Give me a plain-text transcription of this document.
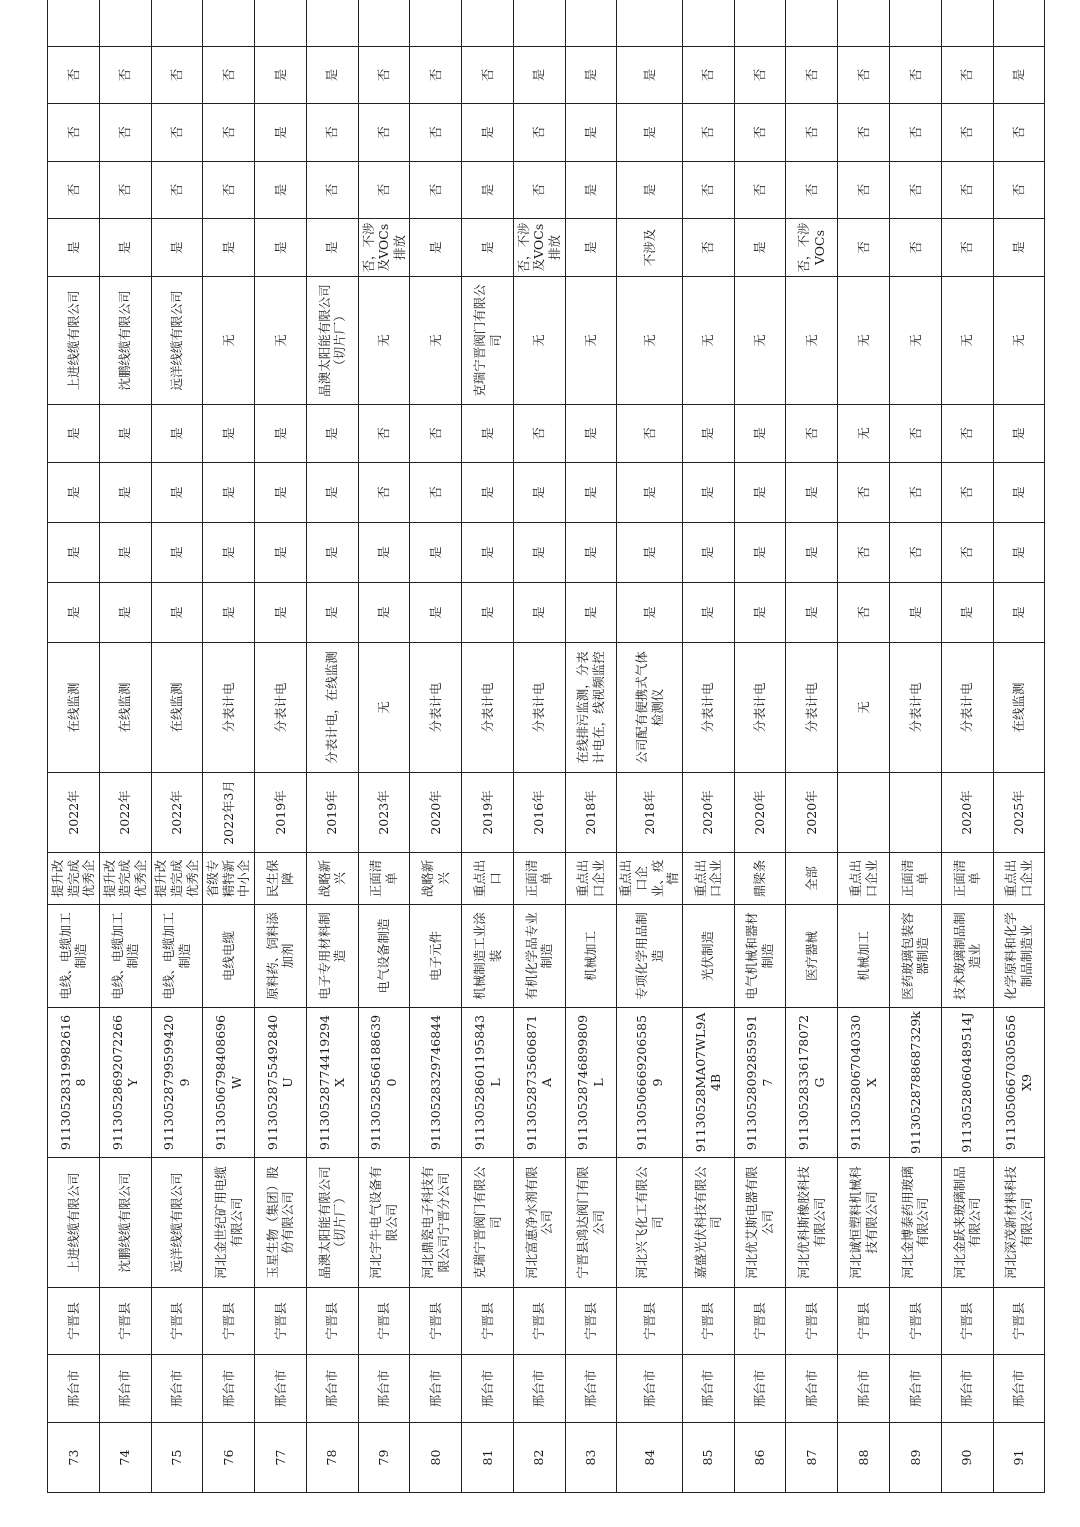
73	邢台市	宁晋县	上进线缆有限公司	911305283199826168	电线、电缆加工制造	提升改造完成优秀企	2022年	在线监测	是	是	是	是	上进线缆有限公司	是	否	否	否	
74	邢台市	宁晋县	沈鹏线缆有限公司	91130528692072266Y	电线、电缆加工制造	提升改造完成优秀企	2022年	在线监测	是	是	是	是	沈鹏线缆有限公司	是	否	否	否	
75	邢台市	宁晋县	远洋线缆有限公司	911305287995994209	电线、电缆加工制造	提升改造完成优秀企	2022年	在线监测	是	是	是	是	远洋线缆有限公司	是	否	否	否	
76	邢台市	宁晋县	河北金世纪矿用电缆有限公司	91130506798408696W	电线电缆	省级专精特新中小企	2022年3月	分表计电	是	是	是	是	无	是	否	否	否	
77	邢台市	宁晋县	玉星生物（集团）股份有限公司	91130528755492840U	原料药、饲料添加剂	民生保障	2019年	分表计电	是	是	是	是	无	是	是	是	是	
78	邢台市	宁晋县	晶澳太阳能有限公司（切片厂）	91130528774419294X	电子专用材料制造	战略新兴	2019年	分表计电，在线监测	是	是	是	是	晶澳太阳能有限公司（切片厂）	是	否	否	是	
79	邢台市	宁晋县	河北宇牛电气设备有限公司	911305285661886390	电气设备制造	正面清单	2023年	无	是	是	否	否	无	否，不涉及VOCs排放	否	否	否	
80	邢台市	宁晋县	河北鼎瓷电子科技有限公司宁晋分公司	91130528329746844	电子元件	战略新兴	2020年	分表计电	是	是	否	否	无	是	否	否	否	
81	邢台市	宁晋县	克瑞宁晋阀门有限公司	91130528601195843L	机械制造工业涂装	重点出口	2019年	分表计电	是	是	是	是	克瑞宁晋阀门有限公司	是	是	是	否	
82	邢台市	宁晋县	河北富惠净水剂有限公司	91130528735606871A	有机化学品专业制造	正面清单	2016年	分表计电	是	是	是	否	无	否，不涉及VOCs排放	否	否	是	
83	邢台市	宁晋县	宁晋县鸿达阀门有限公司	91130528746899809L	机械加工	重点出口企业	2018年	在线排污监测，分表计电在，线视频监控	是	是	是	是	无	是	是	是	是	
84	邢台市	宁晋县	河北兴飞化工有限公司	911305066692065859	专项化学用品制造	重点出口企业、疫情	2018年	公司配有便携式气体检测仪	是	是	是	否	无	不涉及	是	是	是	
85	邢台市	宁晋县	嘉盛光伏科技有限公司	91130528MA07WL9A4B	光伏制造	重点出口企业	2020年	分表计电	是	是	是	是	无	否	否	否	否	
86	邢台市	宁晋县	河北优艾斯电器有限公司	911305280928595917	电气机械和器材制造	鼎梁条	2020年	分表计电	是	是	是	是	无	是	否	否	否	
87	邢台市	宁晋县	河北优科斯橡胶科技有限公司	91130528336178072G	医疗器械	全部	2020年	分表计电	是	是	是	否	无	否，不涉VOCs	否	否	否	
88	邢台市	宁晋县	河北诚恒塑料机械科技有限公司	91130528067040330X	机械加工	重点出口企业		无	否	否	否	无	无	否	否	否	否	
89	邢台市	宁晋县	河北金博泰药用玻璃有限公司	91130528788687329k	医药玻璃包装容器制造	正面清单		分表计电	是	否	否	否	无	否	否	否	否	
90	邢台市	宁晋县	河北金跃来玻璃制品有限公司	91130528060489514J	技术玻璃制品制造业	正面清单	2020年	分表计电	是	否	否	否	无	否	否	否	否	
91	邢台市	宁晋县	河北深茂新材料科技有限公司	91130506670305656X9	化学原料和化学制品制造业	重点出口企业	2025年	在线监测	是	是	是	是	无	是	否	否	是	
